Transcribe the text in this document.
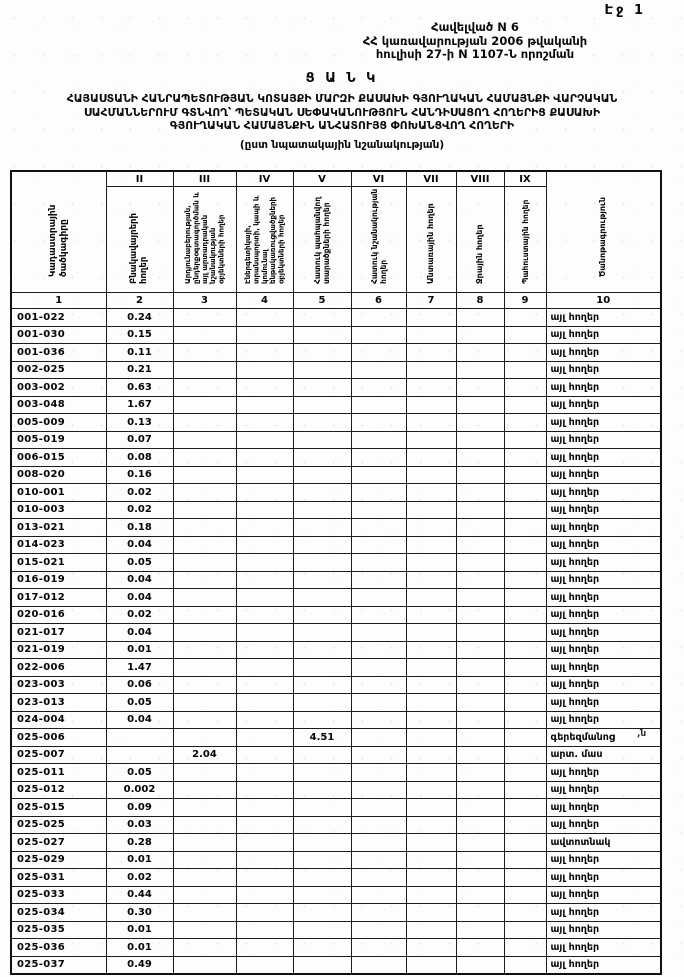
Էջ 1
Հավելված N 6
ՀՀ կառավարության 2006 թվականի
հուլիսի 27-ի N 1107-Ն որոշման
Ց Ա Ն Կ
ՀԱՅԱՍՏԱՆԻ ՀԱՆՐԱՊԵՏՈՒԹՅԱՆ ԿՈՏԱՅՔԻ ՄԱՐԶԻ ՔԱՍԱԽԻ ԳՅՈՒՂԱԿԱՆ ՀԱՄԱՅՆՔԻ ՎԱՐՉԱԿԱՆ
ՍԱՀՄԱՆՆԵՐՈՒՄ ԳՏՆՎՈՂ՝ ՊԵՏԱԿԱՆ ՍԵՓԱԿԱՆՈՒԹՅՈՒՆ ՀԱՆԴԻՍԱՑՈՂ ՀՈՂԵՐԻՑ ՔԱՍԱԽԻ
ԳՅՈՒՂԱԿԱՆ ՀԱՄԱՅՆՔԻՆ ԱՆՀԱՏՈՒՅՑ ՓՈԽԱՆՑՎՈՂ ՀՈՂԵՐԻ
(ըստ նպատակային նշանակության)
Կադաստրային ծածկագիրը	II	III	IV	V	VI	VII	VIII	IX	Ծանոթագրություն
	Բնակավայրերի հողեր	Արդյունաբերության, ընդերքօգտագործման և այլ արտադրական նշանակության օբյեկտների հողեր	Էներգետիկայի, տրանսպորտի, կապի և կոմունալ ենթակառուցվածքների օբյեկտների հողեր	Հատուկ պահպանվող տարածքների հողեր	Հատուկ նշանակության հողեր	Անտառային հողեր	Ջրային հողեր	Պահուստային հողեր	
1	2	3	4	5	6	7	8	9	10
001-022	0.24								այլ հողեր
001-030	0.15								այլ հողեր
001-036	0.11								այլ հողեր
002-025	0.21								այլ հողեր
003-002	0.63								այլ հողեր
003-048	1.67								այլ հողեր
005-009	0.13								այլ հողեր
005-019	0.07								այլ հողեր
006-015	0.08								այլ հողեր
008-020	0.16								այլ հողեր
010-001	0.02								այլ հողեր
010-003	0.02								այլ հողեր
013-021	0.18								այլ հողեր
014-023	0.04								այլ հողեր
015-021	0.05								այլ հողեր
016-019	0.04								այլ հողեր
017-012	0.04								այլ հողեր
020-016	0.02								այլ հողեր
021-017	0.04								այլ հողեր
021-019	0.01								այլ հողեր
022-006	1.47								այլ հողեր
023-003	0.06								այլ հողեր
023-013	0.05								այլ հողեր
024-004	0.04								այլ հողեր
025-006				4.51					գերեզմանոց
025-007		2.04							արտ. մաս
025-011	0.05								այլ հողեր
025-012	0.002								այլ հողեր
025-015	0.09								այլ հողեր
025-025	0.03								այլ հողեր
025-027	0.28								ավտոտնակ
025-029	0.01								այլ հողեր
025-031	0.02								այլ հողեր
025-033	0.44								այլ հողեր
025-034	0.30								այլ հողեր
025-035	0.01								այլ հողեր
025-036	0.01								այլ հողեր
025-037	0.49								այլ հողեր
,ն
